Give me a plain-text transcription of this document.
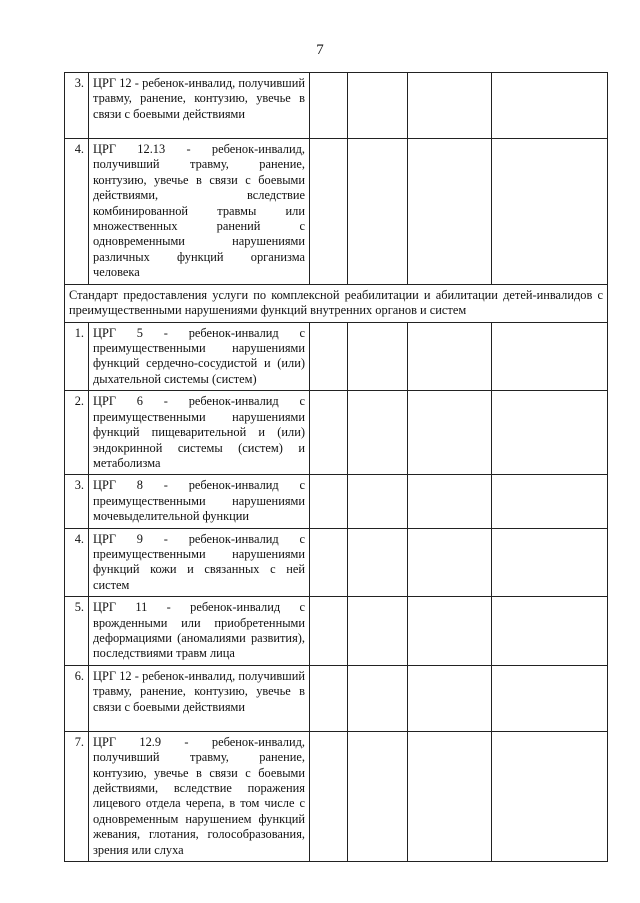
7
3.	ЦРГ 12 - ребенок-инвалид, получивший травму, ранение, контузию, увечье в связи с боевыми действиями				
4.	ЦРГ 12.13 - ребенок-инвалид, получивший травму, ранение, контузию, увечье в связи с боевыми действиями, вследствие комбинированной травмы или множественных ранений с одновременными нарушениями различных функций организма человека				
Стандарт предоставления услуги по комплексной реабилитации и абилитации детей-инвалидов с преимущественными нарушениями функций внутренних органов и систем					
1.	ЦРГ 5 - ребенок-инвалид с преимущественными нарушениями функций сердечно-сосудистой и (или) дыхательной системы (систем)				
2.	ЦРГ 6 - ребенок-инвалид с преимущественными нарушениями функций пищеварительной и (или) эндокринной системы (систем) и метаболизма				
3.	ЦРГ 8 - ребенок-инвалид с преимущественными нарушениями мочевыделительной функции				
4.	ЦРГ 9 - ребенок-инвалид с преимущественными нарушениями функций кожи и связанных с ней систем				
5.	ЦРГ 11 - ребенок-инвалид с врожденными или приобретенными деформациями (аномалиями развития), последствиями травм лица				
6.	ЦРГ 12 - ребенок-инвалид, получивший травму, ранение, контузию, увечье в связи с боевыми действиями				
7.	ЦРГ 12.9 - ребенок-инвалид, получивший травму, ранение, контузию, увечье в связи с боевыми действиями, вследствие поражения лицевого отдела черепа, в том числе с одновременным нарушением функций жевания, глотания, голособразования, зрения или слуха				
